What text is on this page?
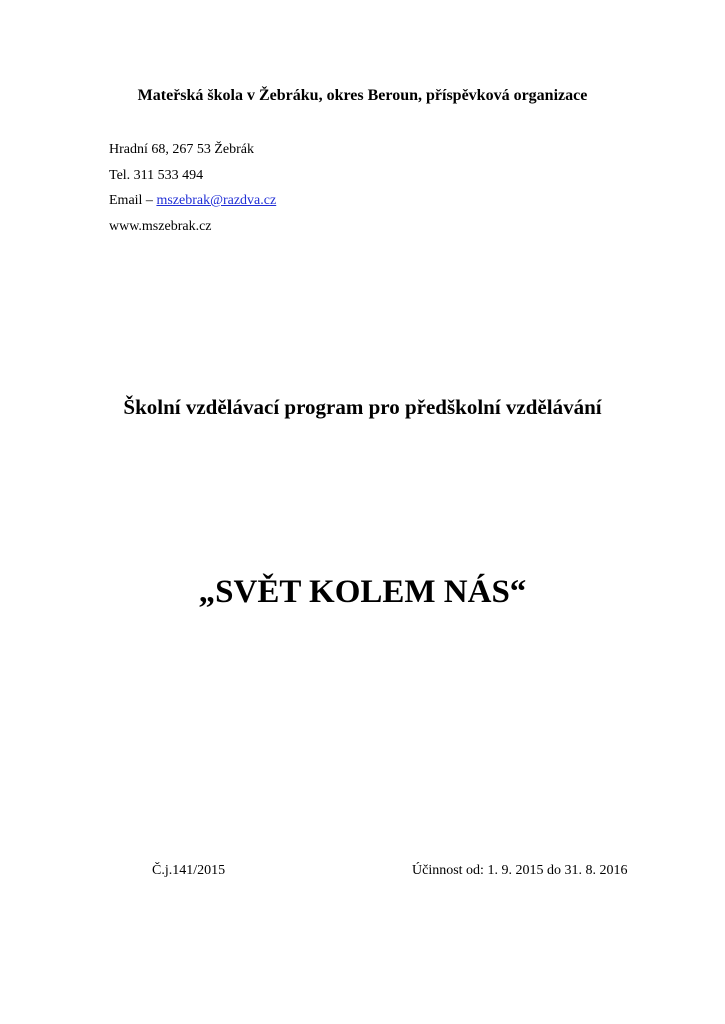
Mateřská škola v Žebráku, okres Beroun, příspěvková organizace
Hradní 68, 267 53 Žebrák
Tel. 311 533 494
Email – mszebrak@razdva.cz
www.mszebrak.cz
Školní vzdělávací program pro předškolní vzdělávání
„SVĚT KOLEM NÁS“
Č.j.141/2015	Účinnost od: 1. 9. 2015 do 31. 8. 2016
